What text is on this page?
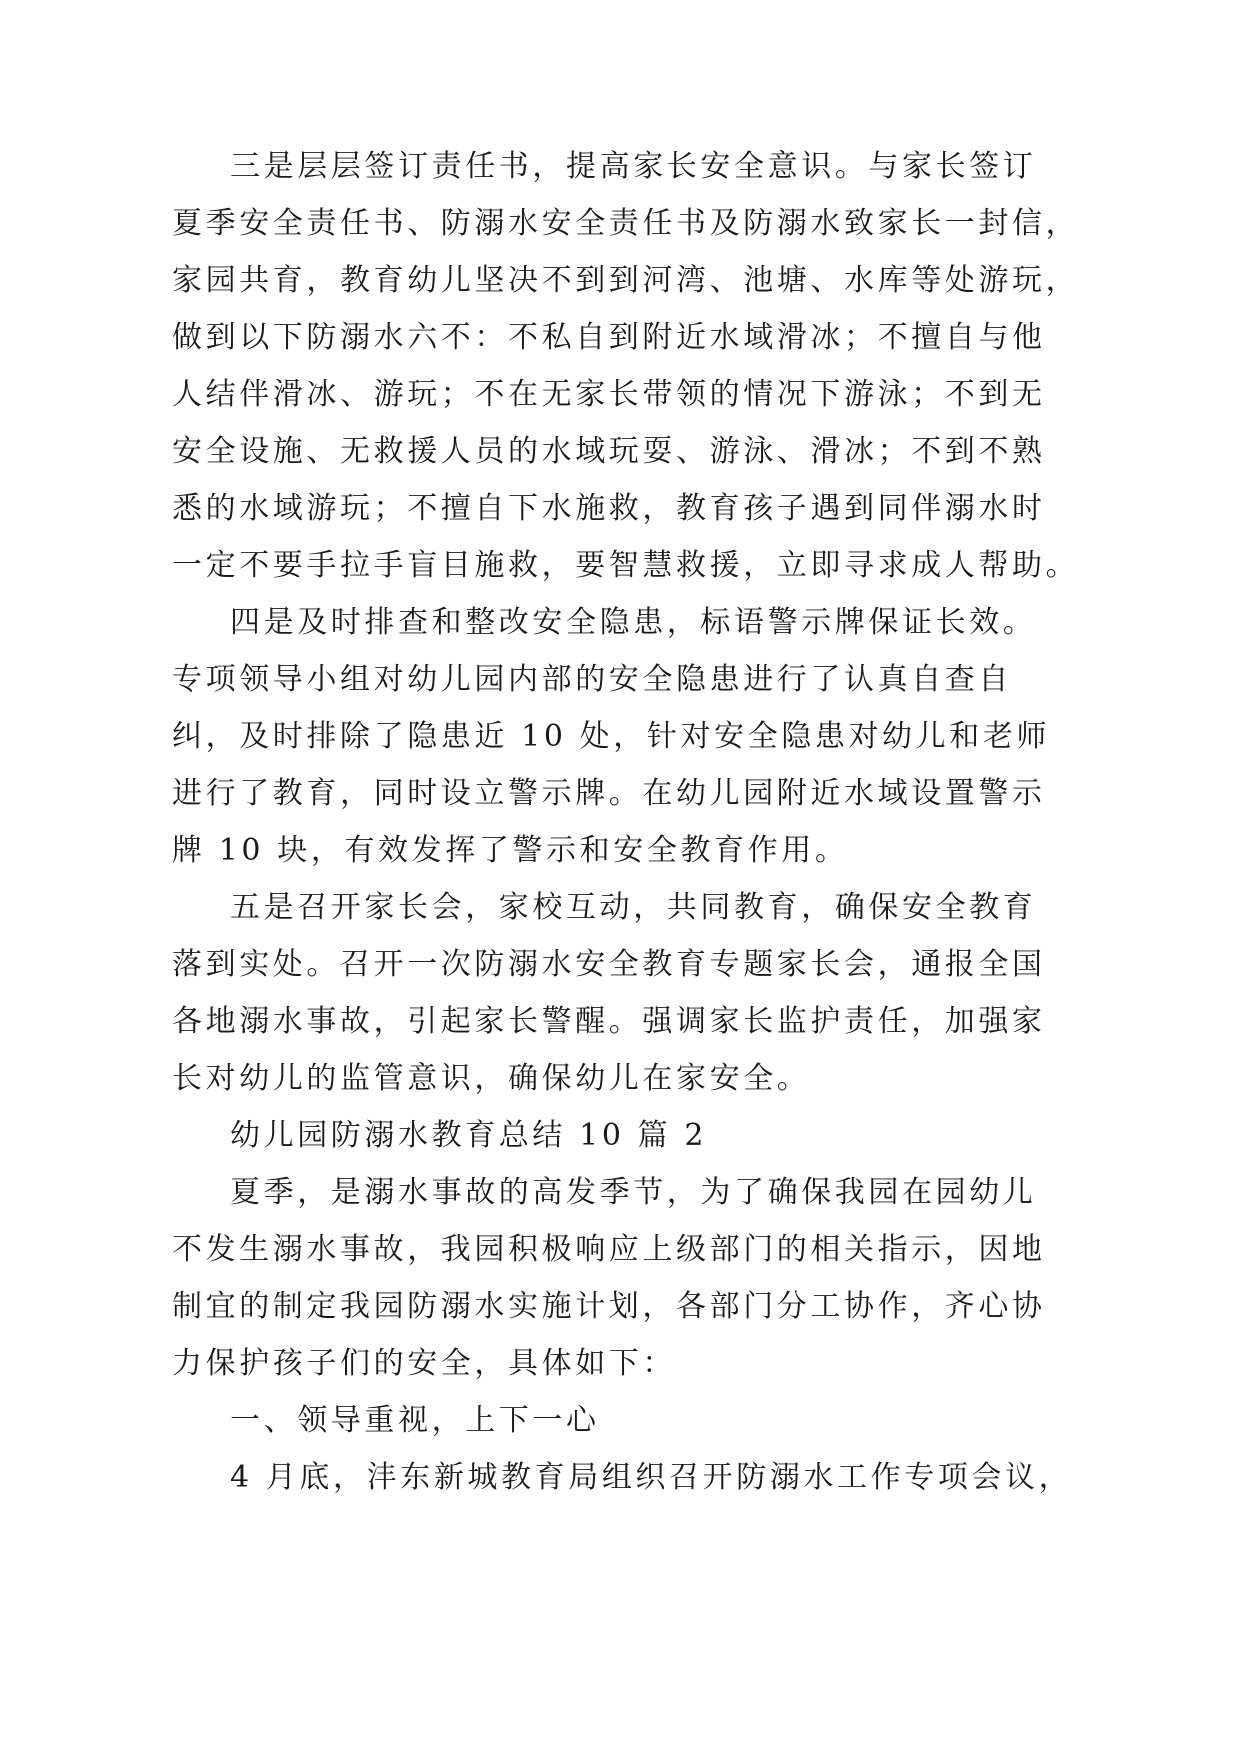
三是层层签订责任书，提高家长安全意识。与家长签订

夏季安全责任书、防溺水安全责任书及防溺水致家长一封信，

家园共育，教育幼儿坚决不到到河湾、池塘、水库等处游玩，

做到以下防溺水六不：不私自到附近水域滑冰；不擅自与他

人结伴滑冰、游玩；不在无家长带领的情况下游泳；不到无

安全设施、无救援人员的水域玩耍、游泳、滑冰；不到不熟

悉的水域游玩；不擅自下水施救，教育孩子遇到同伴溺水时

一定不要手拉手盲目施救，要智慧救援，立即寻求成人帮助。

四是及时排查和整改安全隐患，标语警示牌保证长效。

专项领导小组对幼儿园内部的安全隐患进行了认真自查自

纠，及时排除了隐患近 10 处，针对安全隐患对幼儿和老师

进行了教育，同时设立警示牌。在幼儿园附近水域设置警示

牌 10 块，有效发挥了警示和安全教育作用。

五是召开家长会，家校互动，共同教育，确保安全教育

落到实处。召开一次防溺水安全教育专题家长会，通报全国

各地溺水事故，引起家长警醒。强调家长监护责任，加强家

长对幼儿的监管意识，确保幼儿在家安全。

幼儿园防溺水教育总结 10 篇 2

夏季，是溺水事故的高发季节，为了确保我园在园幼儿

不发生溺水事故，我园积极响应上级部门的相关指示，因地

制宜的制定我园防溺水实施计划，各部门分工协作，齐心协

力保护孩子们的安全，具体如下：

一、领导重视，上下一心

4 月底，沣东新城教育局组织召开防溺水工作专项会议，
